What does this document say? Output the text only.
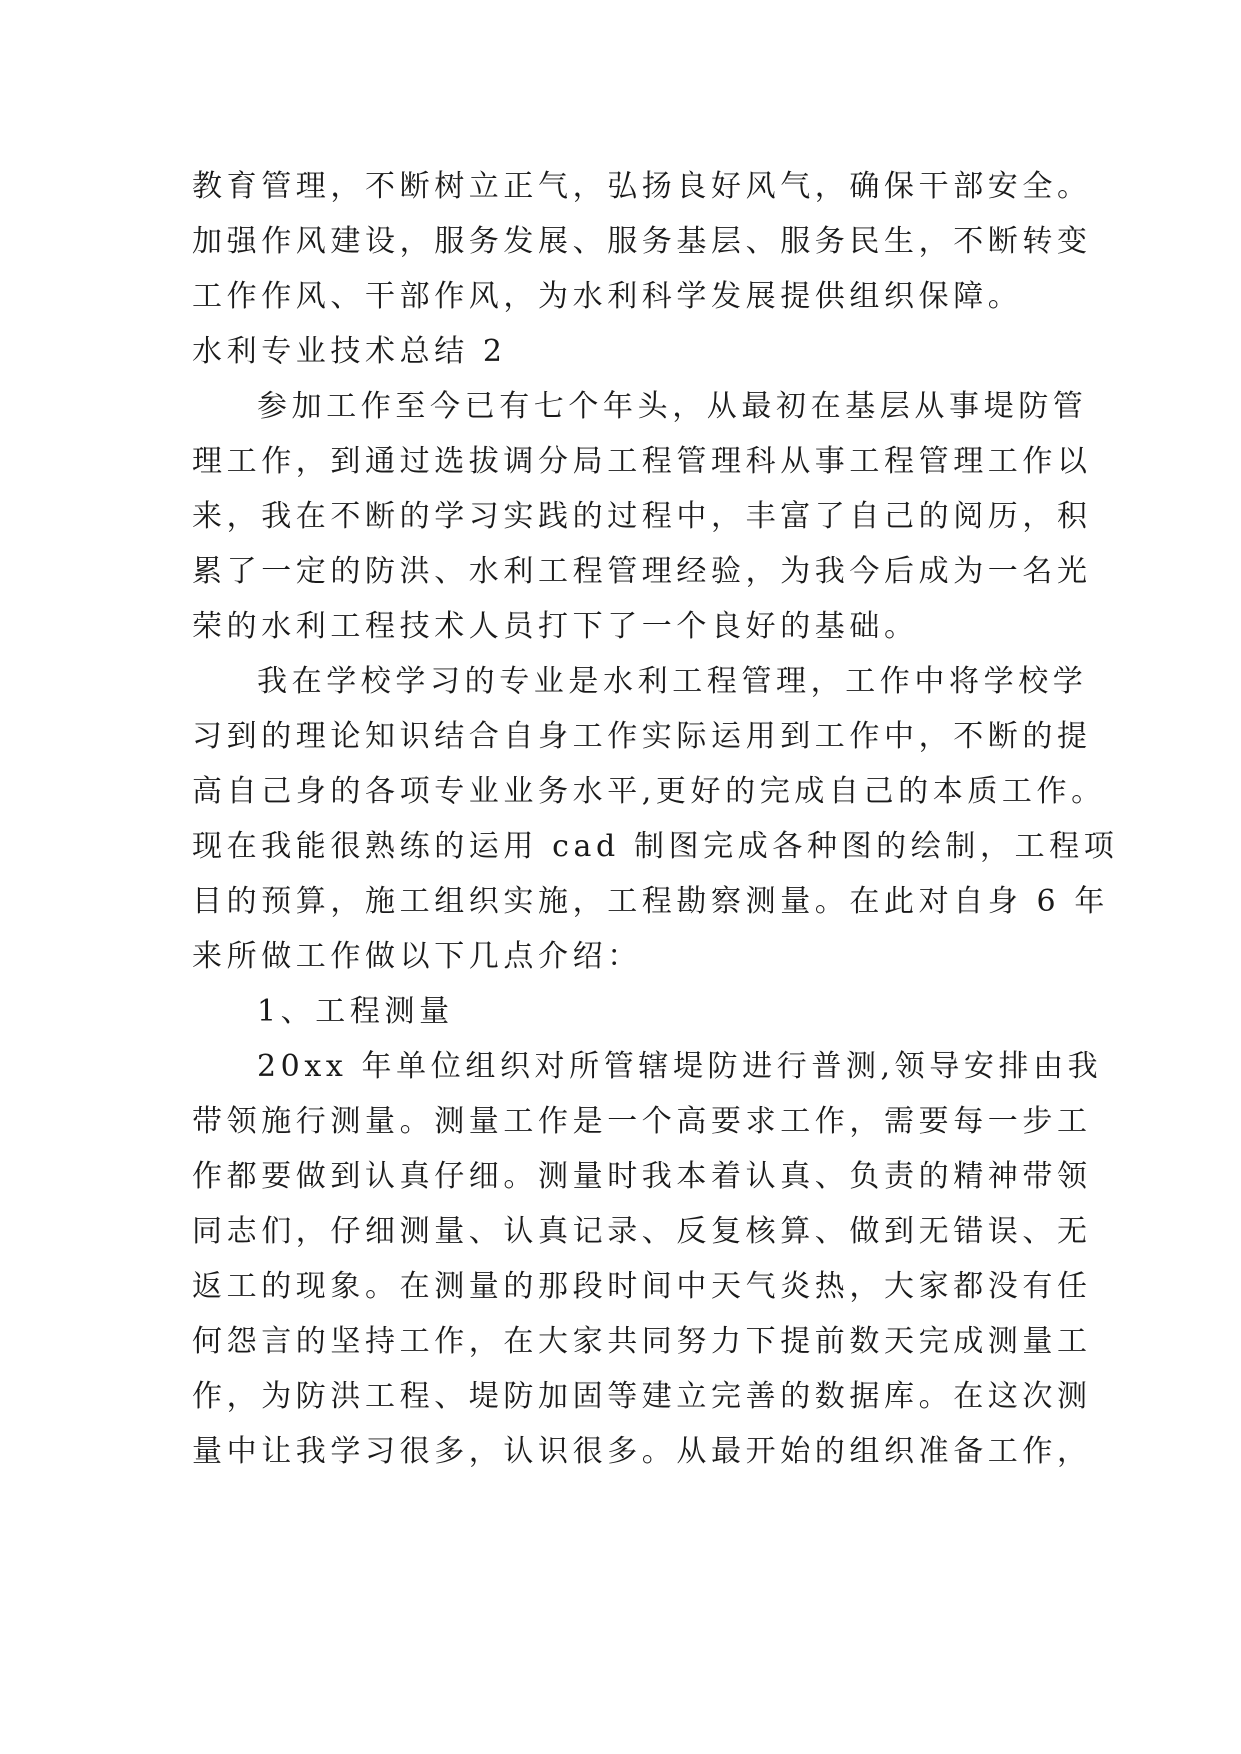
教育管理，不断树立正气，弘扬良好风气，确保干部安全。
加强作风建设，服务发展、服务基层、服务民生，不断转变
工作作风、干部作风，为水利科学发展提供组织保障。
水利专业技术总结 2
参加工作至今已有七个年头，从最初在基层从事堤防管
理工作，到通过选拔调分局工程管理科从事工程管理工作以
来，我在不断的学习实践的过程中，丰富了自己的阅历，积
累了一定的防洪、水利工程管理经验，为我今后成为一名光
荣的水利工程技术人员打下了一个良好的基础。
我在学校学习的专业是水利工程管理，工作中将学校学
习到的理论知识结合自身工作实际运用到工作中，不断的提
高自己身的各项专业业务水平,更好的完成自己的本质工作。
现在我能很熟练的运用 cad 制图完成各种图的绘制，工程项
目的预算，施工组织实施，工程勘察测量。在此对自身 6 年
来所做工作做以下几点介绍：
1、工程测量
20xx 年单位组织对所管辖堤防进行普测,领导安排由我
带领施行测量。测量工作是一个高要求工作，需要每一步工
作都要做到认真仔细。测量时我本着认真、负责的精神带领
同志们，仔细测量、认真记录、反复核算、做到无错误、无
返工的现象。在测量的那段时间中天气炎热，大家都没有任
何怨言的坚持工作，在大家共同努力下提前数天完成测量工
作，为防洪工程、堤防加固等建立完善的数据库。在这次测
量中让我学习很多，认识很多。从最开始的组织准备工作，
